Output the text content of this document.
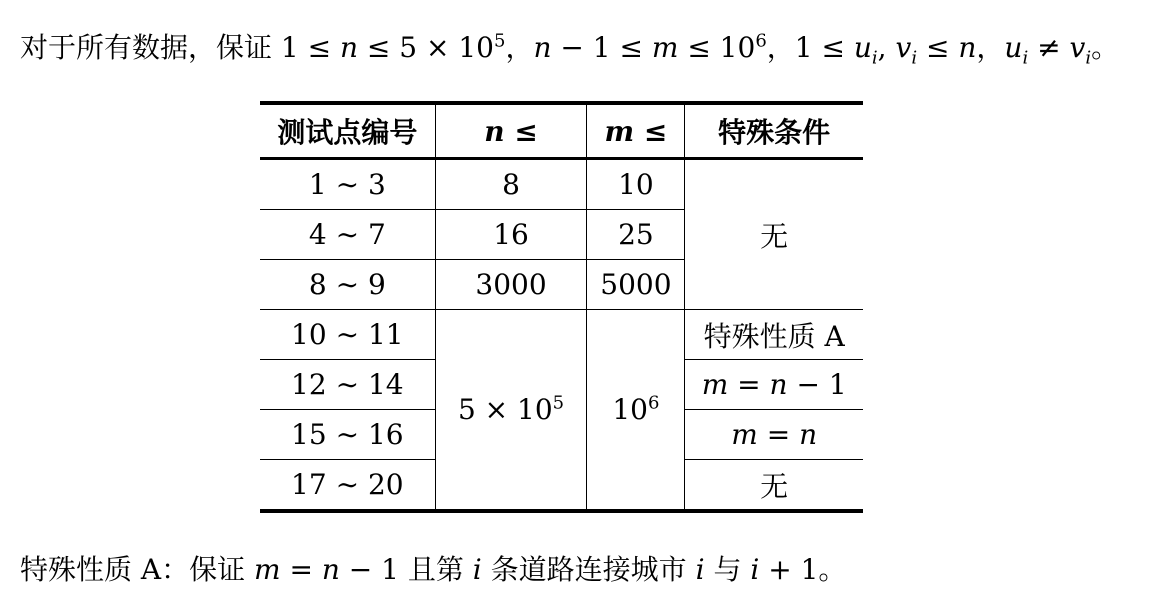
对于所有数据，保证 $1 \le n \le 5 \times 10^5$，$n - 1 \le m \le 10^6$，$1 \le u_i$, $v_i \le n$，$u_i \ne v_i$。
测试点编号	n ≤	m ≤	特殊条件
1 ∼ 3	8	10	无
4 ∼ 7	16	25	
8 ∼ 9	3000	5000	
10 ∼ 11	$5 \times 10^5$	$10^6$	特殊性质 A
12 ∼ 14			m = n − 1
15 ∼ 16			m = n
17 ∼ 20			无
特殊性质 A：保证 m = n − 1 且第 i 条道路连接城市 i 与 i + 1。
